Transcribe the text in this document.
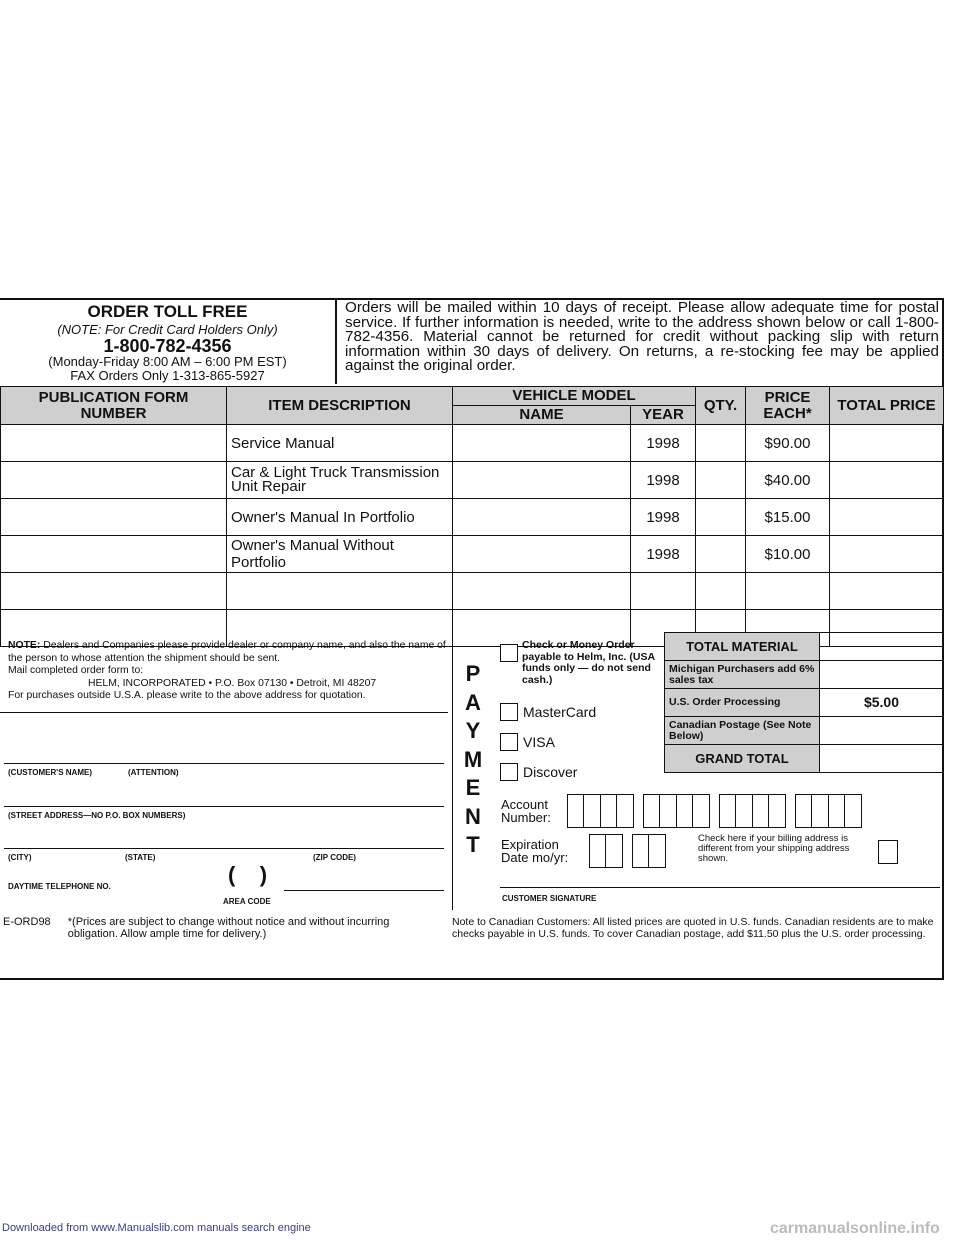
Downloaded from www.Manualslib.com manuals search engine	carmanualsonline.info
ORDER TOLL FREE
(NOTE: For Credit Card Holders Only)
1-800-782-4356
(Monday-Friday 8:00 AM – 6:00 PM EST)
FAX Orders Only 1-313-865-5927
Orders will be mailed within 10 days of receipt. Please allow adequate time for postal service. If further information is needed, write to the address shown below or call 1-800-782-4356. Material cannot be returned for credit without packing slip with return information within 30 days of delivery. On returns, a re-stocking fee may be applied against the original order.
PUBLICATION FORM NUMBER	ITEM DESCRIPTION	VEHICLE MODEL		QTY.	PRICE EACH*	TOTAL PRICE
		NAME	YEAR			
	Service Manual		1998		$90.00	
	Car & Light Truck Transmission Unit Repair		1998		$40.00	
	Owner's Manual In Portfolio		1998		$15.00	
	Owner's Manual Without Portfolio		1998		$10.00	

NOTE: Dealers and Companies please provide dealer or company name, and also the name of the person to whose attention the shipment should be sent.
Mail completed order form to:
HELM, INCORPORATED • P.O. Box 07130 • Detroit, MI 48207
For purchases outside U.S.A. please write to the above address for quotation.
(CUSTOMER'S NAME)	(ATTENTION)
(STREET ADDRESS—NO P.O. BOX NUMBERS)
(CITY)	(STATE)	(ZIP CODE)
DAYTIME TELEPHONE NO.	(    )
AREA CODE
P
A
Y
M
E
N
T
Check or Money Order payable to Helm, Inc. (USA funds only — do not send cash.)
MasterCard
VISA
Discover
TOTAL MATERIAL	
Michigan Purchasers add 6% sales tax	
U.S. Order Processing	$5.00
Canadian Postage (See Note Below)	
GRAND TOTAL	
Account Number:
Expiration Date mo/yr:
Check here if your billing address is different from your shipping address shown.
CUSTOMER SIGNATURE
E-ORD98 *(Prices are subject to change without notice and without incurring obligation. Allow ample time for delivery.)
Note to Canadian Customers: All listed prices are quoted in U.S. funds. Canadian residents are to make checks payable in U.S. funds. To cover Canadian postage, add $11.50 plus the U.S. order processing.
